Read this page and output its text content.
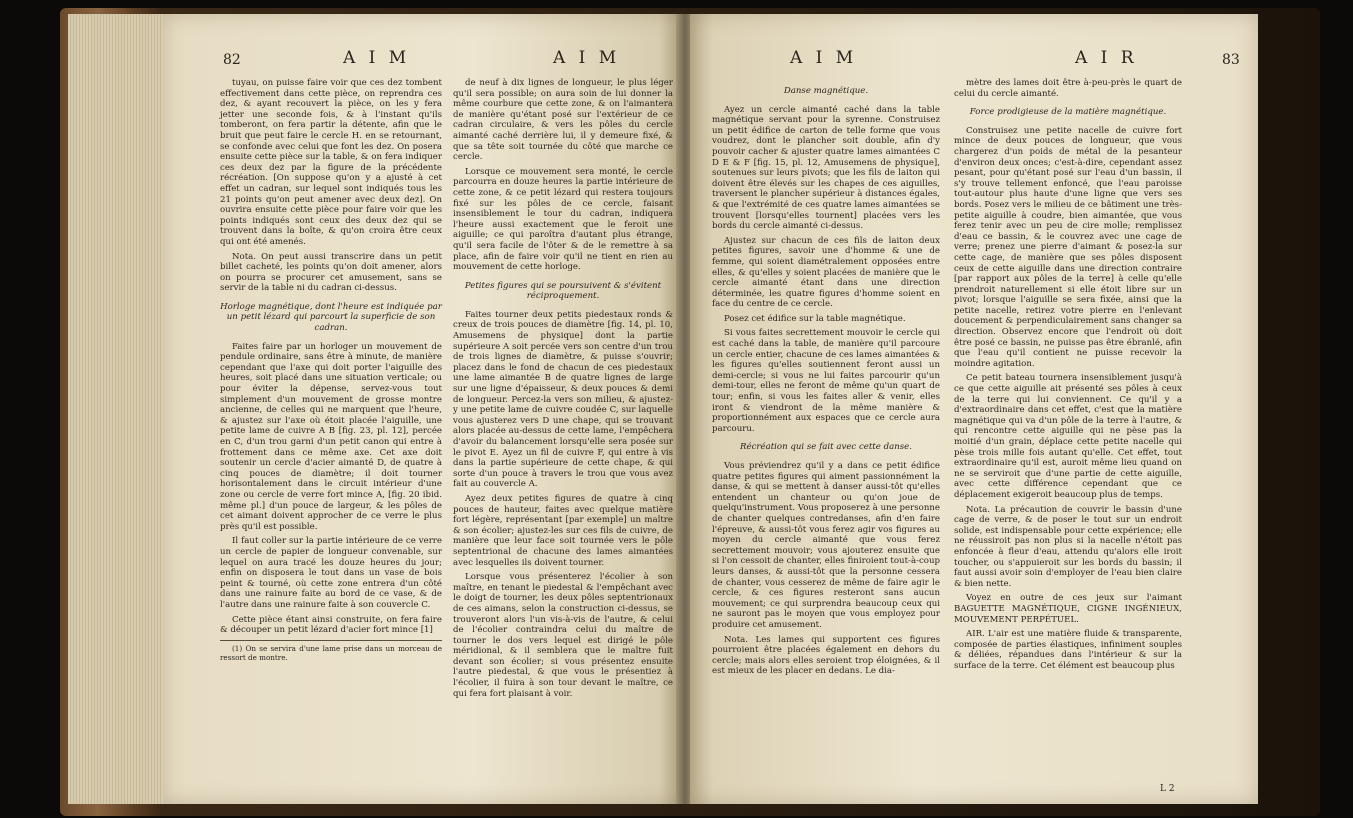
82	A I M	A I M

tuyau, on puisse faire voir que ces dez tombent effectivement dans cette pièce, on reprendra ces dez, & ayant recouvert la pièce, on les y fera jetter une seconde fois, & à l'instant qu'ils tomberont, on fera partir la détente, afin que le bruit que peut faire le cercle H. en se retournant, se confonde avec celui que font les dez. On posera ensuite cette pièce sur la table, & on fera indiquer ces deux dez par la figure de la précédente récréation. [On suppose qu'on y a ajusté à cet effet un cadran, sur lequel sont indiqués tous les 21 points qu'on peut amener avec deux dez]. On ouvrira ensuite cette pièce pour faire voir que les points indiqués sont ceux des deux dez qui se trouvent dans la boîte, & qu'on croira être ceux qui ont été amenés.

Nota. On peut aussi transcrire dans un petit billet cacheté, les points qu'on doit amener, alors on pourra se procurer cet amusement, sans se servir de la table ni du cadran ci-dessus.

Horloge magnétique, dont l'heure est indiquée par un petit lézard qui parcourt la superficie de son cadran.

Faites faire par un horloger un mouvement de pendule ordinaire, sans être à minute, de manière cependant que l'axe qui doit porter l'aiguille des heures, soit placé dans une situation verticale; ou pour éviter la dépense, servez-vous tout simplement d'un mouvement de grosse montre ancienne, de celles qui ne marquent que l'heure, & ajustez sur l'axe où étoit placée l'aiguille, une petite lame de cuivre A B [fig. 23, pl. 12], percée en C, d'un trou garni d'un petit canon qui entre à frottement dans ce même axe. Cet axe doit soutenir un cercle d'acier aimanté D, de quatre à cinq pouces de diamètre; il doit tourner horisontalement dans le circuit intérieur d'une zone ou cercle de verre fort mince A, [fig. 20 ibid. même pl.] d'un pouce de largeur, & les pôles de cet aimant doivent approcher de ce verre le plus près qu'il est possible.

Il faut coller sur la partie intérieure de ce verre un cercle de papier de longueur convenable, sur lequel on aura tracé les douze heures du jour; enfin on disposera le tout dans un vase de bois peint & tourné, où cette zone entrera d'un côté dans une rainure faite au bord de ce vase, & de l'autre dans une rainure faite à son couvercle C.

Cette pièce étant ainsi construite, on fera faire & découper un petit lézard d'acier fort mince [1]

(1) On se servira d'une lame prise dans un morceau de ressort de montre.

de neuf à dix lignes de longueur, le plus léger qu'il sera possible; on aura soin de lui donner la même courbure que cette zone, & on l'aimantera de manière qu'étant posé sur l'extérieur de ce cadran circulaire, & vers les pôles du cercle aimanté caché derrière lui, il y demeure fixé, & que sa tête soit tournée du côté que marche ce cercle.

Lorsque ce mouvement sera monté, le cercle parcourra en douze heures la partie intérieure de cette zone, & ce petit lézard qui restera toujours fixé sur les pôles de ce cercle, faisant insensiblement le tour du cadran, indiquera l'heure aussi exactement que le feroit une aiguille; ce qui paroîtra d'autant plus étrange, qu'il sera facile de l'ôter & de le remettre à sa place, afin de faire voir qu'il ne tient en rien au mouvement de cette horloge.

Petites figures qui se poursuivent & s'évitent réciproquement.

Faites tourner deux petits piedestaux ronds & creux de trois pouces de diamètre [fig. 14, pl. 10, Amusemens de physique] dont la partie supérieure A soit percée vers son centre d'un trou de trois lignes de diamètre, & puisse s'ouvrir; placez dans le fond de chacun de ces piedestaux une lame aimantée B de quatre lignes de large sur une ligne d'épaisseur, & deux pouces & demi de longueur. Percez-la vers son milieu, & ajustez-y une petite lame de cuivre coudée C, sur laquelle vous ajusterez vers D une chape, qui se trouvant alors placée au-dessus de cette lame, l'empêchera d'avoir du balancement lorsqu'elle sera posée sur le pivot E. Ayez un fil de cuivre F, qui entre à vis dans la partie supérieure de cette chape, & qui sorte d'un pouce à travers le trou que vous avez fait au couvercle A.

Ayez deux petites figures de quatre à cinq pouces de hauteur, faites avec quelque matière fort légère, représentant [par exemple] un maître & son écolier; ajustez-les sur ces fils de cuivre, de manière que leur face soit tournée vers le pôle septentrional de chacune des lames aimantées avec lesquelles ils doivent tourner.

Lorsque vous présenterez l'écolier à son maître, en tenant le piedestal & l'empêchant avec le doigt de tourner, les deux pôles septentrionaux de ces aimans, selon la construction ci-dessus, se trouveront alors l'un vis-à-vis de l'autre, & celui de l'écolier contraindra celui du maître de tourner le dos vers lequel est dirigé le pôle méridional, & il semblera que le maître fuit devant son écolier; si vous présentez ensuite l'autre piedestal, & que vous le présentiez à l'écolier, il fuira à son tour devant le maître, ce qui fera fort plaisant à voir.

A I M	A I R	83

Danse magnétique.

Ayez un cercle aimanté caché dans la table magnétique servant pour la syrenne. Construisez un petit édifice de carton de telle forme que vous voudrez, dont le plancher soit double, afin d'y pouvoir cacher & ajuster quatre lames aimantées C D E & F [fig. 15, pl. 12, Amusemens de physique], soutenues sur leurs pivots; que les fils de laiton qui doivent être élevés sur les chapes de ces aiguilles, traversent le plancher supérieur à distances égales, & que l'extrémité de ces quatre lames aimantées se trouvent [lorsqu'elles tournent] placées vers les bords du cercle aimanté ci-dessus.

Ajustez sur chacun de ces fils de laiton deux petites figures, savoir une d'homme & une de femme, qui soient diamétralement opposées entre elles, & qu'elles y soient placées de manière que le cercle aimanté étant dans une direction déterminée, les quatre figures d'homme soient en face du centre de ce cercle.

Posez cet édifice sur la table magnétique.

Si vous faites secrettement mouvoir le cercle qui est caché dans la table, de manière qu'il parcoure un cercle entier, chacune de ces lames aimantées & les figures qu'elles soutiennent feront aussi un demi-cercle; si vous ne lui faites parcourir qu'un demi-tour, elles ne feront de même qu'un quart de tour; enfin, si vous les faites aller & venir, elles iront & viendront de la même manière & proportionnément aux espaces que ce cercle aura parcouru.

Récréation qui se fait avec cette danse.

Vous préviendrez qu'il y a dans ce petit édifice quatre petites figures qui aiment passionnément la danse, & qui se mettent à danser aussi-tôt qu'elles entendent un chanteur ou qu'on joue de quelqu'instrument. Vous proposerez à une personne de chanter quelques contredanses, afin d'en faire l'épreuve, & aussi-tôt vous ferez agir vos figures au moyen du cercle aimanté que vous ferez secrettement mouvoir; vous ajouterez ensuite que si l'on cessoit de chanter, elles finiroient tout-à-coup leurs danses, & aussi-tôt que la personne cessera de chanter, vous cesserez de même de faire agir le cercle, & ces figures resteront sans aucun mouvement; ce qui surprendra beaucoup ceux qui ne sauront pas le moyen que vous employez pour produire cet amusement.

Nota. Les lames qui supportent ces figures pourroient être placées également en dehors du cercle; mais alors elles seroient trop éloignées, & il est mieux de les placer en dedans. Le dia-

mètre des lames doit être à-peu-près le quart de celui du cercle aimanté.

Force prodigieuse de la matière magnétique.

Construisez une petite nacelle de cuivre fort mince de deux pouces de longueur, que vous chargerez d'un poids de métal de la pesanteur d'environ deux onces; c'est-à-dire, cependant assez pesant, pour qu'étant posé sur l'eau d'un bassin, il s'y trouve tellement enfoncé, que l'eau paroisse tout-autour plus haute d'une ligne que vers ses bords. Posez vers le milieu de ce bâtiment une très-petite aiguille à coudre, bien aimantée, que vous ferez tenir avec un peu de cire molle; remplissez d'eau ce bassin, & le couvrez avec une cage de verre; prenez une pierre d'aimant & posez-la sur cette cage, de manière que ses pôles disposent ceux de cette aiguille dans une direction contraire [par rapport aux pôles de la terre] à celle qu'elle prendroit naturellement si elle étoit libre sur un pivot; lorsque l'aiguille se sera fixée, ainsi que la petite nacelle, retirez votre pierre en l'enlevant doucement & perpendiculairement sans changer sa direction. Observez encore que l'endroit où doit être posé ce bassin, ne puisse pas être ébranlé, afin que l'eau qu'il contient ne puisse recevoir la moindre agitation.

Ce petit bateau tournera insensiblement jusqu'à ce que cette aiguille ait présenté ses pôles à ceux de la terre qui lui conviennent. Ce qu'il y a d'extraordinaire dans cet effet, c'est que la matière magnétique qui va d'un pôle de la terre à l'autre, & qui rencontre cette aiguille qui ne pèse pas la moitié d'un grain, déplace cette petite nacelle qui pèse trois mille fois autant qu'elle. Cet effet, tout extraordinaire qu'il est, auroit même lieu quand on ne se serviroit que d'une partie de cette aiguille, avec cette différence cependant que ce déplacement exigeroit beaucoup plus de temps.

Nota. La précaution de couvrir le bassin d'une cage de verre, & de poser le tout sur un endroit solide, est indispensable pour cette expérience; elle ne réussiroit pas non plus si la nacelle n'étoit pas enfoncée à fleur d'eau, attendu qu'alors elle iroit toucher, ou s'appuieroit sur les bords du bassin; il faut aussi avoir soin d'employer de l'eau bien claire & bien nette.

Voyez en outre de ces jeux sur l'aimant BAGUETTE MAGNÉTIQUE, CIGNE INGÉNIEUX, MOUVEMENT PERPÉTUEL.

AIR. L'air est une matière fluide & transparente, composée de parties élastiques, infiniment souples & déliées, répandues dans l'intérieur & sur la surface de la terre. Cet élément est beaucoup plus

L 2
